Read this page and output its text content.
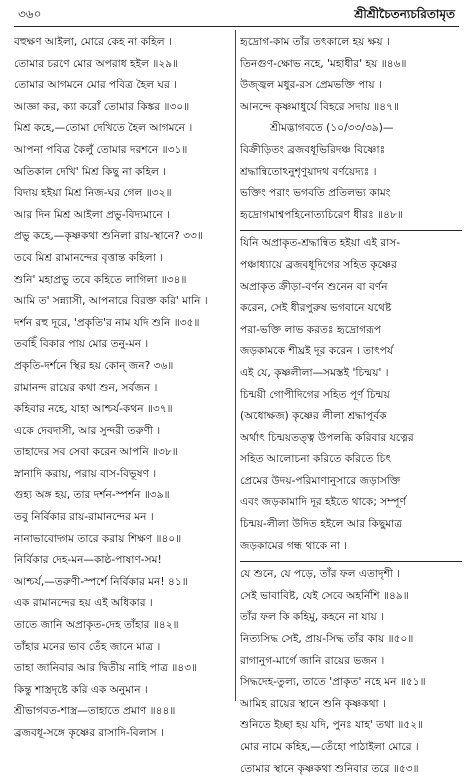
৩৬০	শ্রীশ্রীচৈতন্যচরিতামৃত
বহুক্ষণ আইলা, মোরে কেহ না কহিল ।
তোমার চরণে মোর অপরাধ হইল ॥২৯॥
তোমার আগমনে মোর পবিত্র হৈল ঘর ।
আজ্ঞা কর, ক্যা করোঁ তোমার কিঙ্কর ॥৩০॥
মিশ্র কহে,—তোমা দেখিতে হৈল আগমনে ।
আপনা পবিত্র কৈলুঁ তোমার দরশনে ॥৩১॥
অতিকাল দেখি' মিশ্র কিছু না কহিল ।
বিদায় হইয়া মিশ্র নিজ-ঘর গেল ॥৩২॥
আর দিন মিশ্র আইলা প্রভু-বিদ্যমানে ।
প্রভু কহে,—কৃষ্ণকথা শুনিলা রায়-স্থানে? ৩৩॥
তবে মিশ্র রামানন্দের বৃত্তান্ত কহিলা ।
শুনি' মহাপ্রভু তবে কহিতে লাগিলা ॥৩৪॥
আমি ত' সন্ন্যাসী, আপনারে বিরক্ত করি' মানি ।
দর্শন রহু দূরে, 'প্রকৃতি'র নাম যদি শুনি ॥৩৫॥
তবহিঁ বিকার পায় মোর তনু-মন ।
প্রকৃতি-দর্শনে স্থির হয় কোন্ জন? ৩৬॥
রামানন্দ রায়ের কথা শুন, সর্বজন ।
কহিবার নহে, যাহা আশ্চর্য-কথন ॥৩৭॥
একে দেবদাসী, আর সুন্দরী তরুণী ।
তাহাদের সব সেবা করেন আপনি ॥৩৮॥
স্নানাদি করায়, পরায় বাস-বিভূষণ ।
গুহ্য অঙ্গ হয়, তার দর্শন-স্পর্শন ॥৩৯॥
তবু নির্বিকার রায়-রামানন্দের মন ।
নানাভাবোদ্গম তারে করায় শিক্ষণ ॥৪০॥
নির্বিকার দেহ-মন—কাষ্ঠ-পাষাণ-সম!
আশ্চর্য,—তরুণী-স্পর্শে নির্বিকার মন! ৪১॥
এক রামানন্দের হয় এই অধিকার ।
তাতে জানি অপ্রাকৃত-দেহ তাঁহার ॥৪২॥
তাঁহার মনের ভাব তেঁহ জানে মাত্র ।
তাহা জানিবার আর দ্বিতীয় নাহি পাত্র ॥৪৩॥
কিন্তু শাস্ত্রদৃষ্টে করি এক অনুমান ।
শ্রীভাগবত-শাস্ত্র—তাহাতে প্রমাণ ॥৪৪॥
ব্রজবধূ-সঙ্গে কৃষ্ণের রাসাদি-বিলাস ।
হৃদ্রোগ-কাম তাঁর তৎকালে হয় ক্ষয় ।
তিনগুণ-ক্ষোভ নহে, 'মহাধীর' হয় ॥৪৬॥
উজ্জ্বল মধুর-রস প্রেমভক্তি পায় ।
আনন্দে কৃষ্ণমাধুর্যে বিহরে সদায় ॥৪৭॥
শ্রীমদ্ভাগবতে (১০/৩৩/৩৯)—
বিক্রীড়িতং ব্রজবধূভিরিদঞ্চ বিষ্ণোঃ
শ্রদ্ধান্বিতোঽনুশৃণুয়াদথ বর্ণয়েদ্যঃ ।
ভক্তিং পরাং ভগবতি প্রতিলভ্য কামং
হৃদ্রোগমাশ্বপহিনোত্যচিরেণ ধীরঃ ॥৪৮॥
যিনি অপ্রাকৃত-শ্রদ্ধান্বিত হইয়া এই রাস-
পঞ্চাধ্যায়ে ব্রজবধূদিগের সহিত কৃষ্ণের
অপ্রাকৃত ক্রীড়া-বর্ণন শুনেন বা বর্ণন
করেন, সেই ধীরপুরুষ ভগবানে যথেষ্ট
পরা-ভক্তি লাভ করতঃ হৃদ্রোগরূপ
জড়কামকে শীঘ্রই দূর করেন । তাৎপর্য
এই যে, কৃষ্ণলীলা—সমস্তই 'চিন্ময়' ।
চিন্ময়ী গোপীদিগের সহিত পূর্ণ চিন্ময়
(অধোক্ষজ) কৃষ্ণের লীলা শ্রদ্ধাপূর্বক
অর্থাৎ চিন্ময়তত্ত্ব উপলব্ধি করিবার যত্নের
সহিত আলোচনা করিতে করিতে চিৎ
প্রেমের উদয়-পরিমাণানুসারে জড়াসক্তি
এবং জড়কামাদি দূর হইতে থাকে; সম্পূর্ণ
চিন্ময়-লীলা উদিত হইলে আর কিছুমাত্র
জড়কামের গন্ধ থাকে না ।
যে শুনে, যে পড়ে, তাঁর ফল এতাদৃশী ।
সেই ভাবাবিষ্ট, যেই সেবে অহর্নিশি ॥৪৯॥
তাঁর ফল কি কহিমু, কহনে না যায় ।
নিত্যসিদ্ধ সেই, প্রায়-সিদ্ধ তাঁর কায় ॥৫০॥
রাগানুগ-মার্গে জানি রায়ের ভজন ।
সিদ্ধদেহ-তুল্য, তাতে 'প্রাকৃত' নহে মন ॥৫১॥
আমিহ রায়ের স্থানে শুনি কৃষ্ণকথা ।
শুনিতে ইচ্ছা হয় যদি, পুনঃ যাহ' তথা ॥৫২॥
মোর নামে কহিহ,—তেঁহো পাঠাইলা মোরে ।
তোমার স্থানে কৃষ্ণকথা শুনিবার তরে ॥৫৩॥
